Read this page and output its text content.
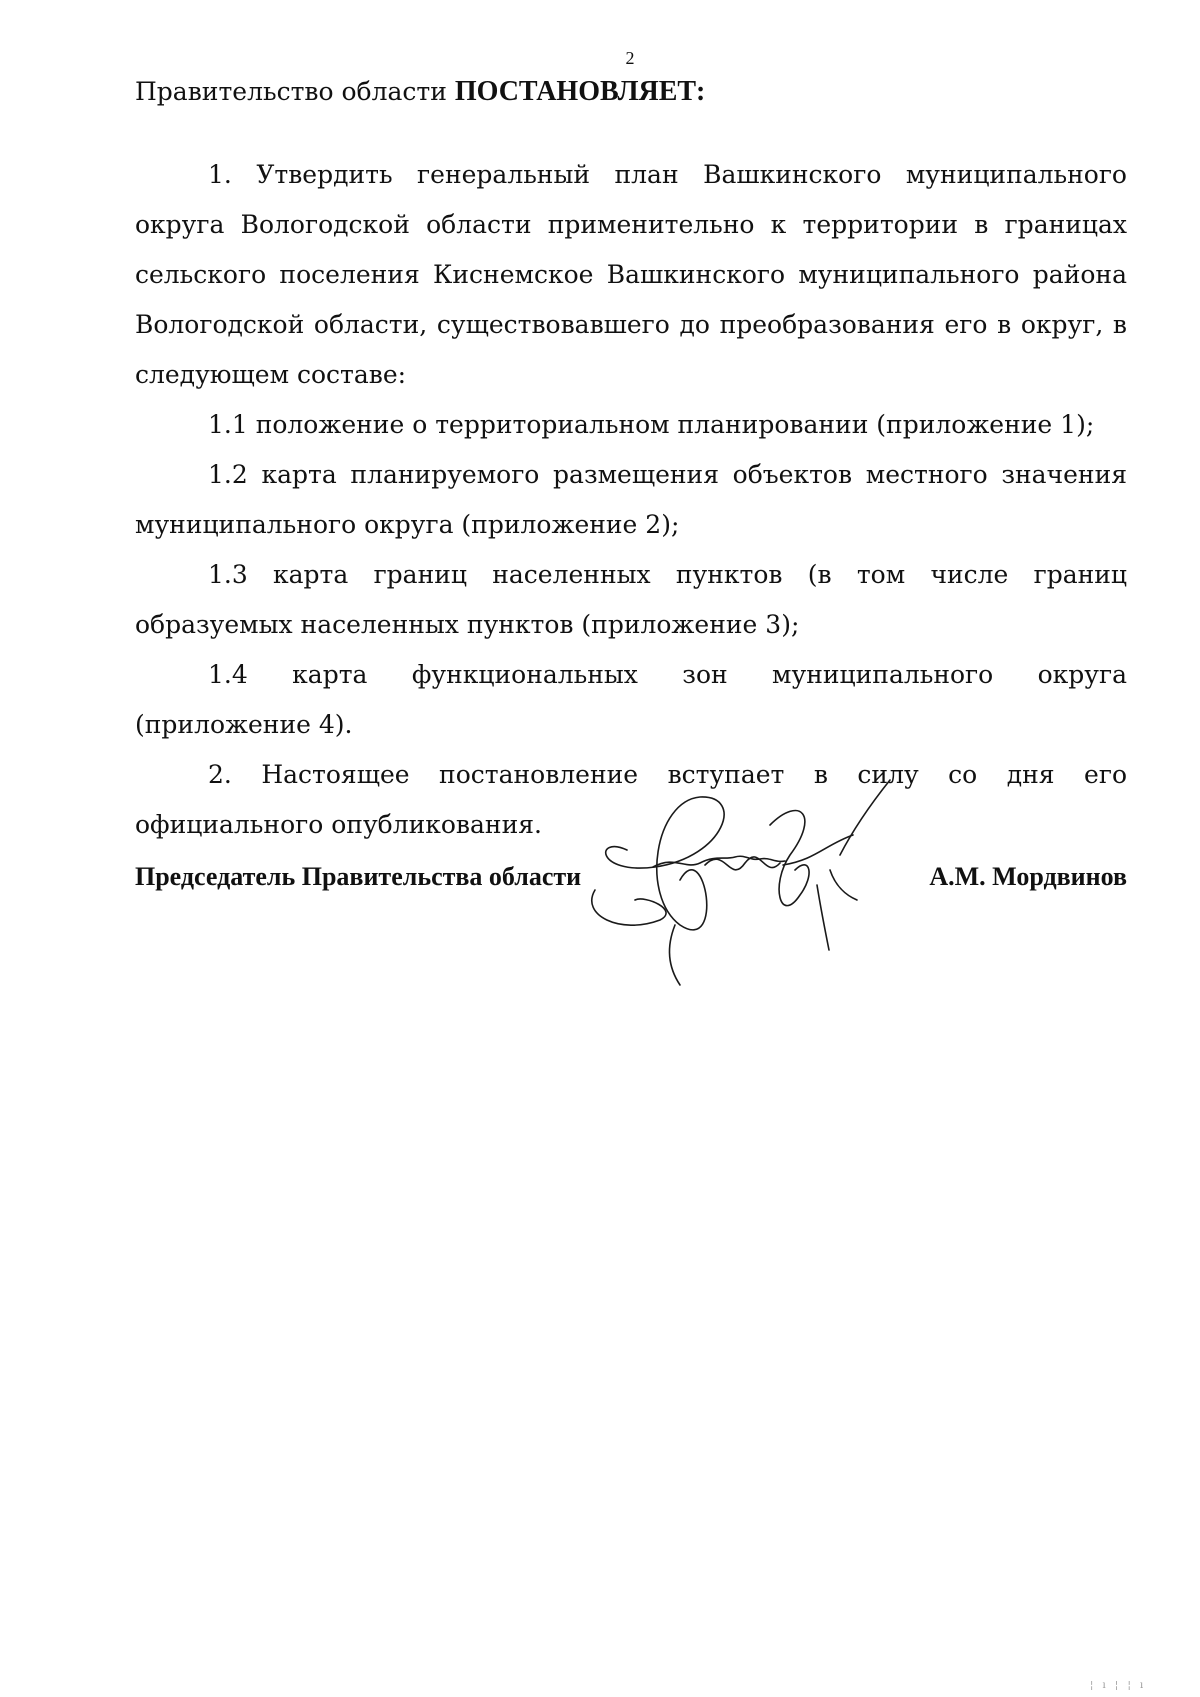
2
Правительство области ПОСТАНОВЛЯЕТ:

1. Утвердить генеральный план Вашкинского муниципального округа Вологодской области применительно к территории в границах сельского поселения Киснемское Вашкинского муниципального района Вологодской области, существовавшего до преобразования его в округ, в следующем составе:

1.1 положение о территориальном планировании (приложение 1);

1.2 карта планируемого размещения объектов местного значения муниципального округа (приложение 2);

1.3 карта границ населенных пунктов (в том числе границ образуемых населенных пунктов (приложение 3);

1.4 карта функциональных зон муниципального округа (приложение 4).

2. Настоящее постановление вступает в силу со дня его официального опубликования.

Председатель Правительства области	А.М. Мордвинов
¦ ı ¦ ¦ ı
